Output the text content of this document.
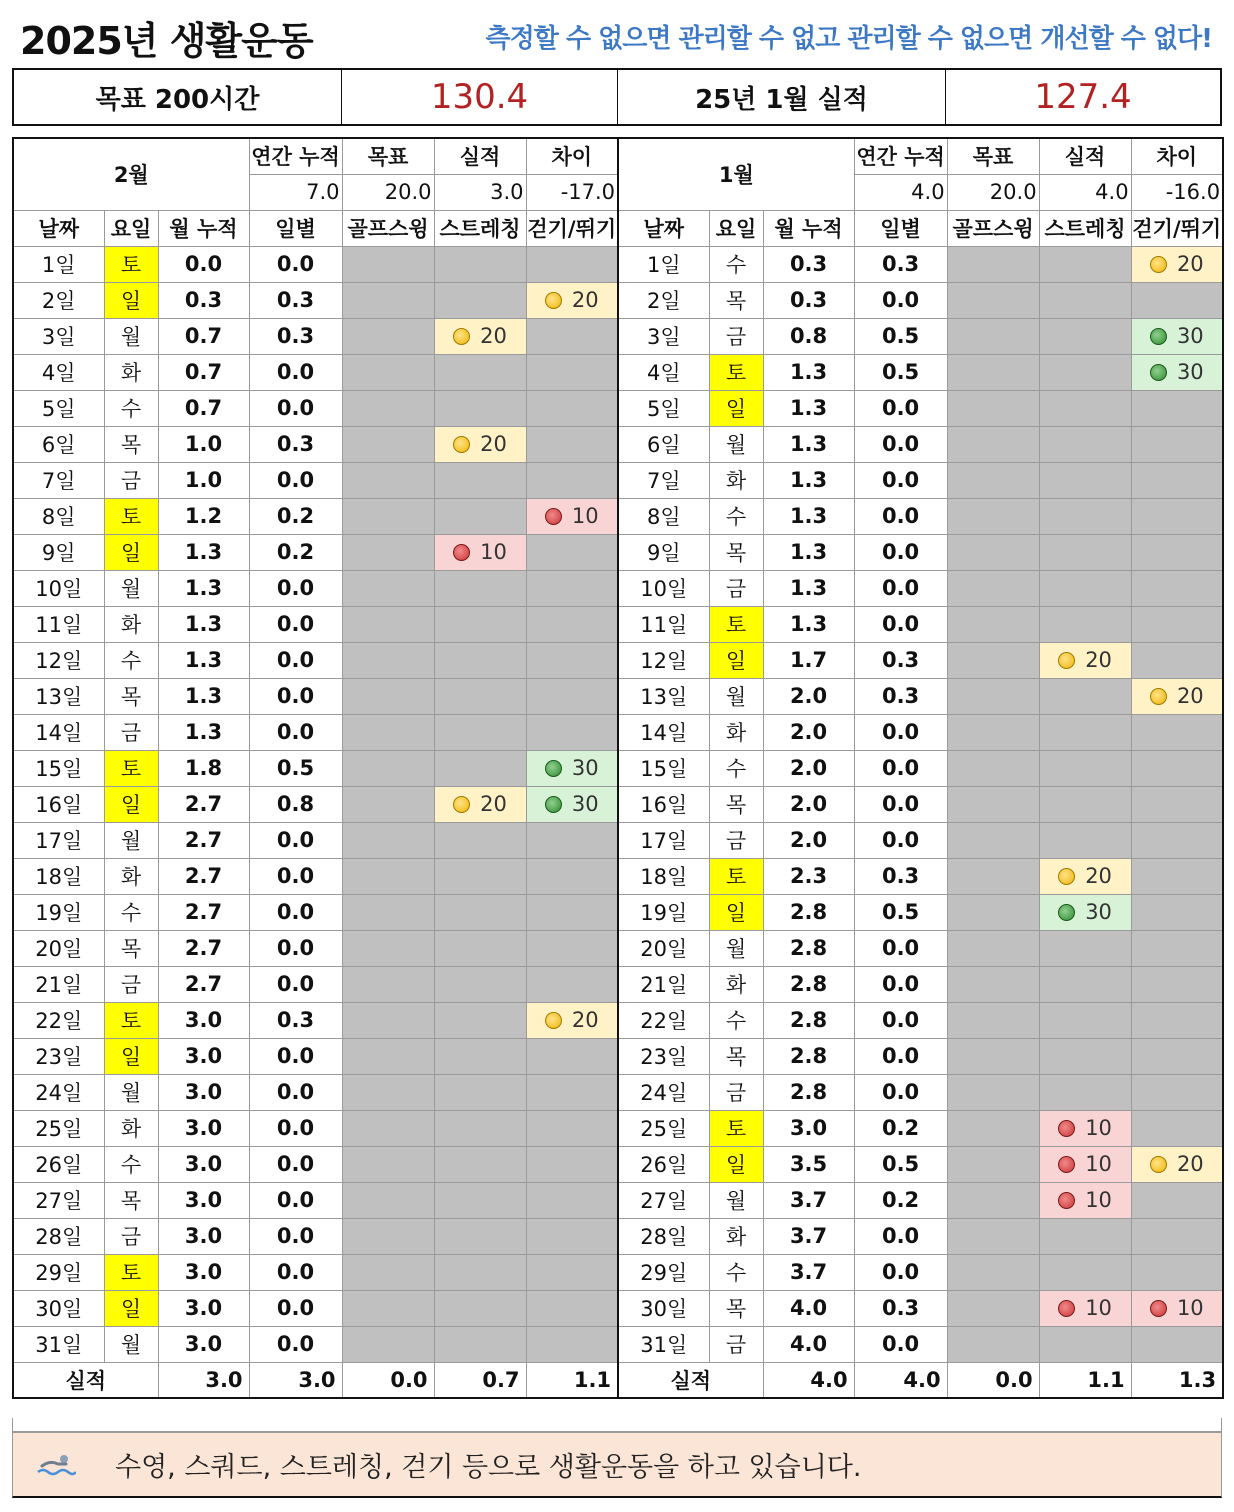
2025년 생활운동	측정할 수 없으면 관리할 수 없고 관리할 수 없으면 개선할 수 없다!
목표 200시간	130.4	25년 1월 실적	127.4
2월			연간 누적	목표	실적	차이	1월			연간 누적	목표	실적	차이
			7.0	20.0	3.0	-17.0				4.0	20.0	4.0	-16.0
날짜	요일	월 누적	일별	골프스윙	스트레칭	걷기/뛰기	날짜	요일	월 누적	일별	골프스윙	스트레칭	걷기/뛰기
1일	토	0.0	0.0				1일	수	0.3	0.3			20
2일	일	0.3	0.3			20	2일	목	0.3	0.0			
3일	월	0.7	0.3		20		3일	금	0.8	0.5			30
4일	화	0.7	0.0				4일	토	1.3	0.5			30
5일	수	0.7	0.0				5일	일	1.3	0.0			
6일	목	1.0	0.3		20		6일	월	1.3	0.0			
7일	금	1.0	0.0				7일	화	1.3	0.0			
8일	토	1.2	0.2			10	8일	수	1.3	0.0			
9일	일	1.3	0.2		10		9일	목	1.3	0.0			
10일	월	1.3	0.0				10일	금	1.3	0.0			
11일	화	1.3	0.0				11일	토	1.3	0.0			
12일	수	1.3	0.0				12일	일	1.7	0.3		20	
13일	목	1.3	0.0				13일	월	2.0	0.3			20
14일	금	1.3	0.0				14일	화	2.0	0.0			
15일	토	1.8	0.5			30	15일	수	2.0	0.0			
16일	일	2.7	0.8		20	30	16일	목	2.0	0.0			
17일	월	2.7	0.0				17일	금	2.0	0.0			
18일	화	2.7	0.0				18일	토	2.3	0.3		20	
19일	수	2.7	0.0				19일	일	2.8	0.5		30	
20일	목	2.7	0.0				20일	월	2.8	0.0			
21일	금	2.7	0.0				21일	화	2.8	0.0			
22일	토	3.0	0.3			20	22일	수	2.8	0.0			
23일	일	3.0	0.0				23일	목	2.8	0.0			
24일	월	3.0	0.0				24일	금	2.8	0.0			
25일	화	3.0	0.0				25일	토	3.0	0.2		10	
26일	수	3.0	0.0				26일	일	3.5	0.5		10	20
27일	목	3.0	0.0				27일	월	3.7	0.2		10	
28일	금	3.0	0.0				28일	화	3.7	0.0			
29일	토	3.0	0.0				29일	수	3.7	0.0			
30일	일	3.0	0.0				30일	목	4.0	0.3		10	10
31일	월	3.0	0.0				31일	금	4.0	0.0			
실적		3.0	3.0	0.0	0.7	1.1	실적		4.0	4.0	0.0	1.1	1.3
수영, 스쿼드, 스트레칭, 걷기 등으로 생활운동을 하고 있습니다.
